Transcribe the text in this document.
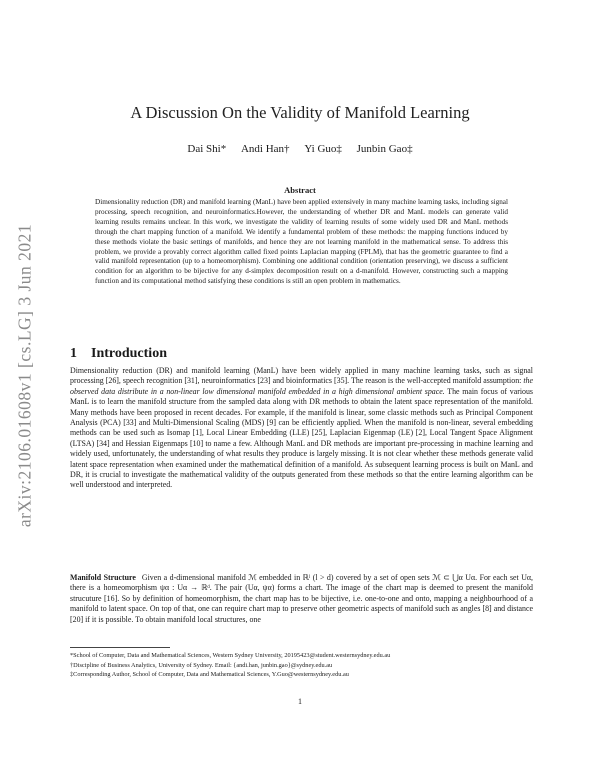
arXiv:2106.01608v1 [cs.LG] 3 Jun 2021
A Discussion On the Validity of Manifold Learning
Dai Shi* Andi Han† Yi Guo‡ Junbin Gao‡
Abstract
Dimensionality reduction (DR) and manifold learning (ManL) have been applied extensively in many machine learning tasks, including signal processing, speech recognition, and neuroinformatics.However, the understanding of whether DR and ManL models can generate valid learning results remains unclear. In this work, we investigate the validity of learning results of some widely used DR and ManL methods through the chart mapping function of a manifold. We identify a fundamental problem of these methods: the mapping functions induced by these methods violate the basic settings of manifolds, and hence they are not learning manifold in the mathematical sense. To address this problem, we provide a provably correct algorithm called fixed points Laplacian mapping (FPLM), that has the geometric guarantee to find a valid manifold representation (up to a homeomorphism). Combining one additional condition (orientation preserving), we discuss a sufficient condition for an algorithm to be bijective for any d-simplex decomposition result on a d-manifold. However, constructing such a mapping function and its computational method satisfying these conditions is still an open problem in mathematics.
1 Introduction
Dimensionality reduction (DR) and manifold learning (ManL) have been widely applied in many machine learning tasks, such as signal processing [26], speech recognition [31], neuroinformatics [23] and bioinformatics [35]. The reason is the well-accepted manifold assumption: the observed data distribute in a non-linear low dimensional manifold embedded in a high dimensional ambient space. The main focus of various ManL is to learn the manifold structure from the sampled data along with DR methods to obtain the latent space representation of the manifold. Many methods have been proposed in recent decades. For example, if the manifold is linear, some classic methods such as Principal Component Analysis (PCA) [33] and Multi-Dimensional Scaling (MDS) [9] can be efficiently applied. When the manifold is non-linear, several embedding methods can be used such as Isomap [1], Local Linear Embedding (LLE) [25], Laplacian Eigenmap (LE) [2], Local Tangent Space Alignment (LTSA) [34] and Hessian Eigenmaps [10] to name a few. Although ManL and DR methods are important pre-processing in machine learning and widely used, unfortunately, the understanding of what results they produce is largely missing. It is not clear whether these methods generate valid latent space representation when examined under the mathematical definition of a manifold. As subsequent learning process is built on ManL and DR, it is crucial to investigate the mathematical validity of the outputs generated from these methods so that the entire learning algorithm can be well understood and interpreted.
Manifold Structure Given a d-dimensional manifold ℳ embedded in ℝˡ (l > d) covered by a set of open sets ℳ ⊂ ⋃α Uα. For each set Uα, there is a homeomorphism ψα : Uα → ℝᵈ. The pair (Uα, ψα) forms a chart. The image of the chart map is deemed to present the manifold strucuture [16]. So by definition of homeomorphism, the chart map has to be bijective, i.e. one-to-one and onto, mapping a neighbourhood of a manifold to latent space. On top of that, one can require chart map to preserve other geometric aspects of manifold such as angles [8] and distance [20] if it is possible. To obtain manifold local structures, one
*School of Computer, Data and Mathematical Sciences, Western Sydney University, 20195423@student.westernsydney.edu.au
†Discipline of Business Analytics, University of Sydney. Email: {andi.han, junbin.gao}@sydney.edu.au
‡Corresponding Author, School of Computer, Data and Mathematical Sciences, Y.Guo@westernsydney.edu.au
1
